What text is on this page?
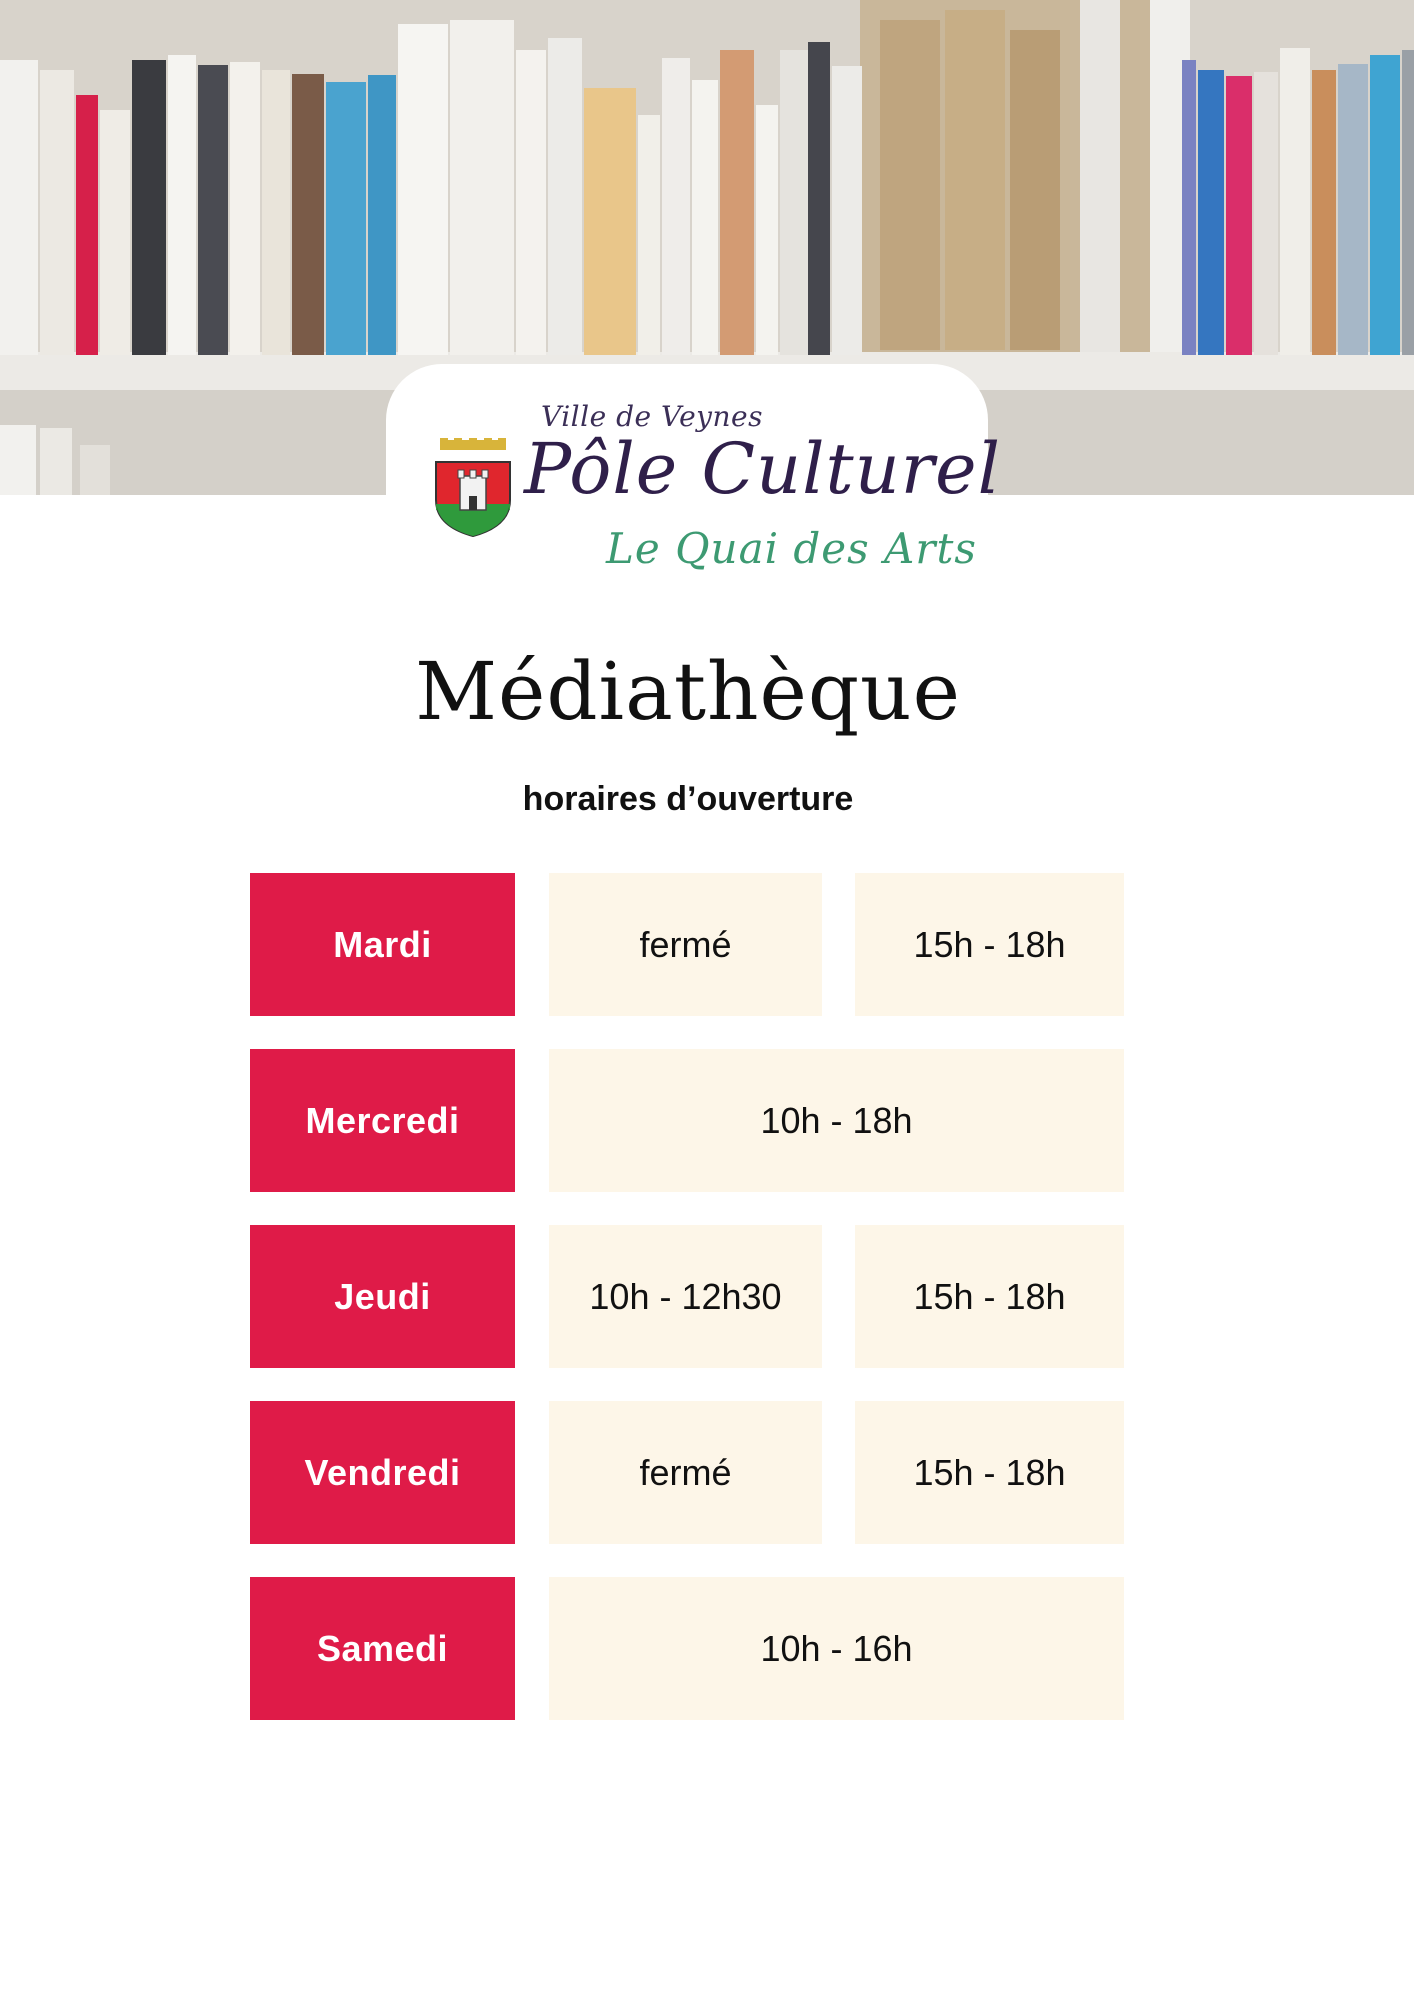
Ville de Veynes
Pôle Culturel
Le Quai des Arts
Médiathèque
horaires d’ouverture
Mardi	fermé	15h - 18h
Mercredi	10h - 18h
Jeudi	10h - 12h30	15h - 18h
Vendredi	fermé	15h - 18h
Samedi	10h - 16h
